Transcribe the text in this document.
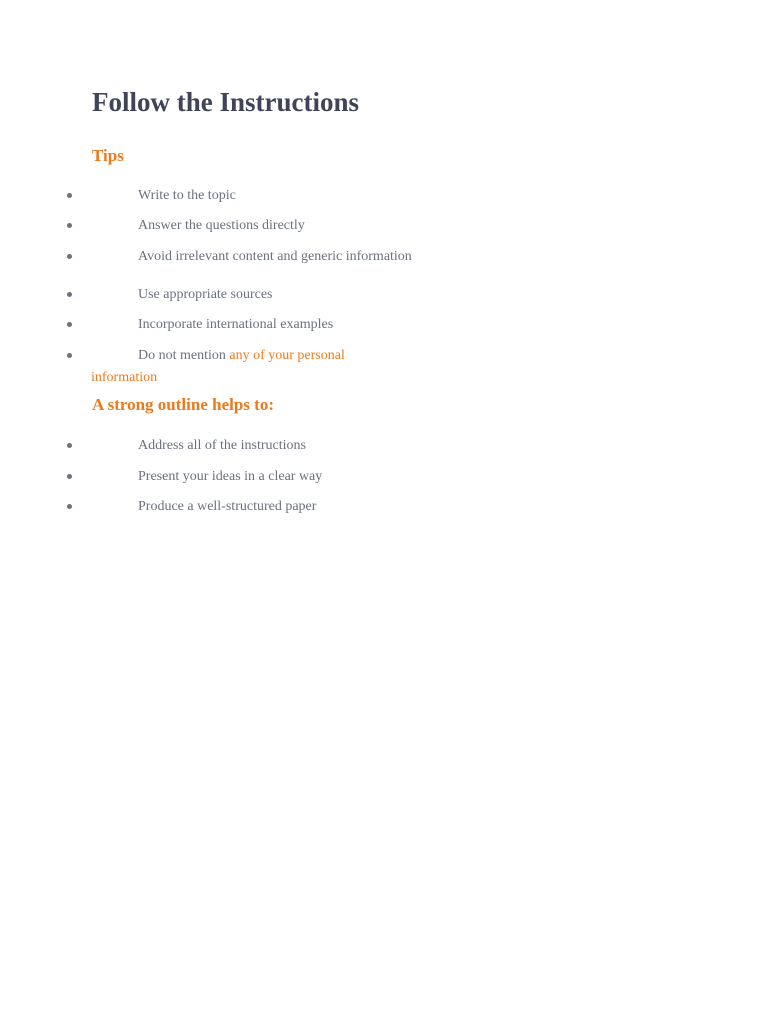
Follow the Instructions
Tips
Write to the topic
Answer the questions directly
Avoid irrelevant content and generic information
Use appropriate sources
Incorporate international examples
Do not mention any of your personal
information
A strong outline helps to:
Address all of the instructions
Present your ideas in a clear way
Produce a well-structured paper
